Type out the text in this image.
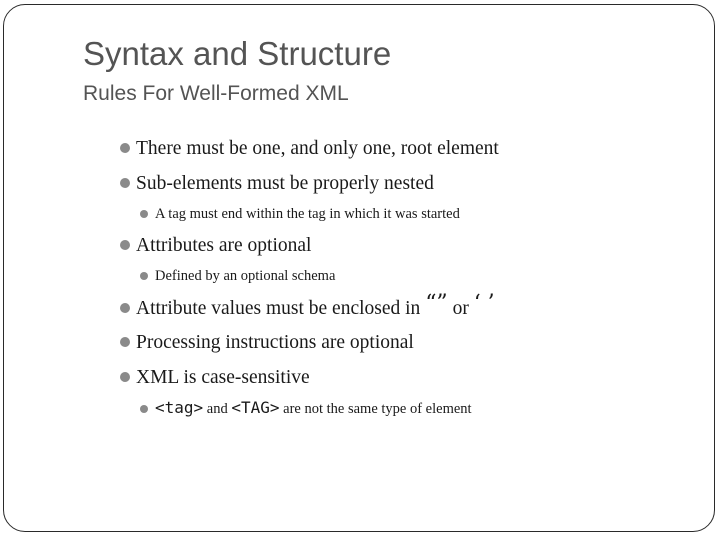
Syntax and Structure
Rules For Well-Formed XML
There must be one, and only one, root element
Sub-elements must be properly nested
A tag must end within the tag in which it was started
Attributes are optional
Defined by an optional schema
Attribute values must be enclosed in “” or ‘ ’
Processing instructions are optional
XML is case-sensitive
<tag> and <TAG> are not the same type of element
